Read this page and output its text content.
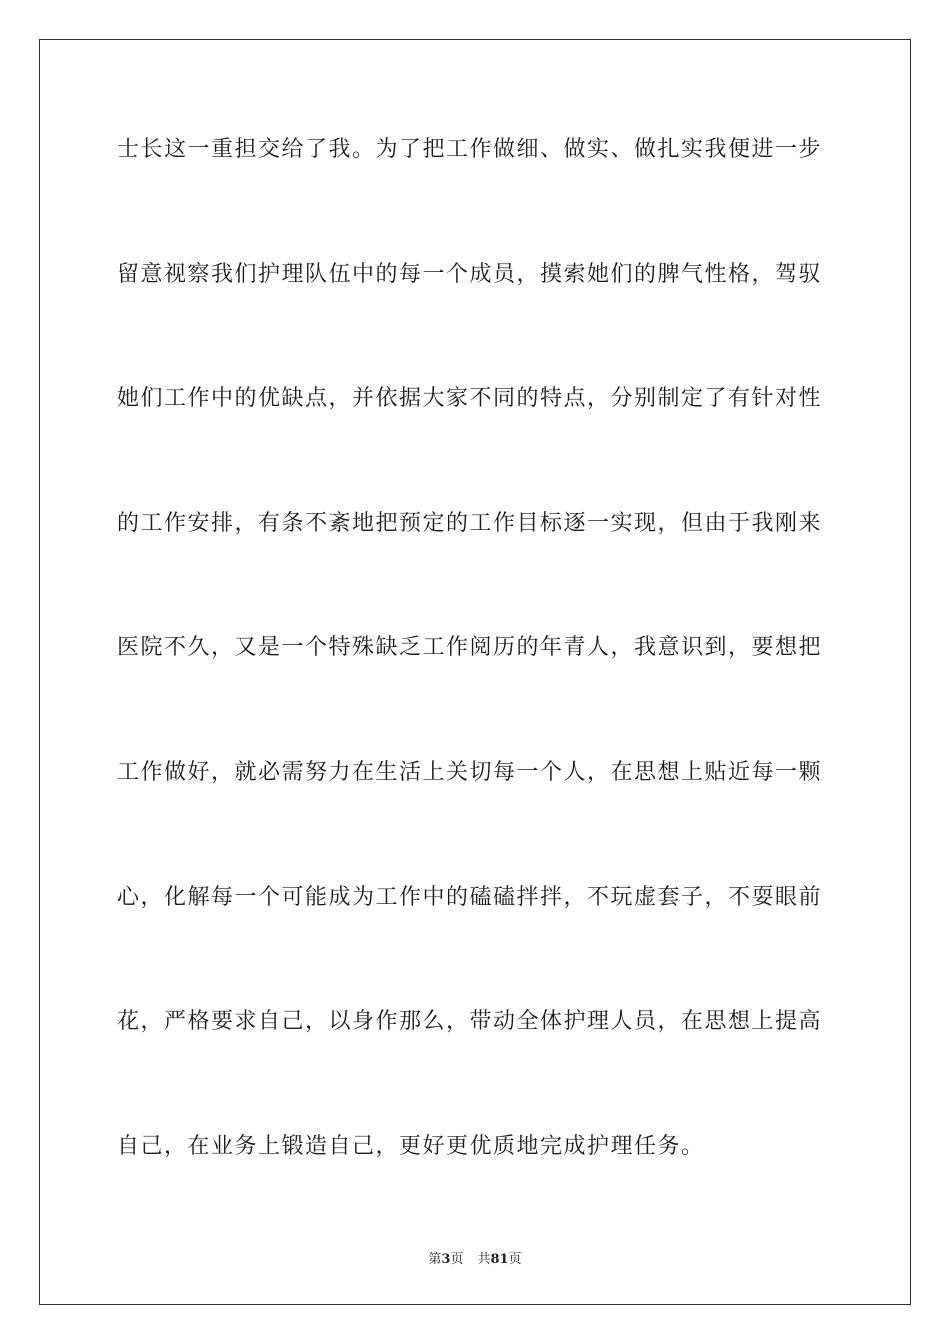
士长这一重担交给了我。为了把工作做细、做实、做扎实我便进一步
留意视察我们护理队伍中的每一个成员，摸索她们的脾气性格，驾驭
她们工作中的优缺点，并依据大家不同的特点，分别制定了有针对性
的工作安排，有条不紊地把预定的工作目标逐一实现，但由于我刚来
医院不久，又是一个特殊缺乏工作阅历的年青人，我意识到，要想把
工作做好，就必需努力在生活上关切每一个人，在思想上贴近每一颗
心，化解每一个可能成为工作中的磕磕拌拌，不玩虚套子，不耍眼前
花，严格要求自己，以身作那么，带动全体护理人员，在思想上提高
自己，在业务上锻造自己，更好更优质地完成护理任务。
第3页 共81页
